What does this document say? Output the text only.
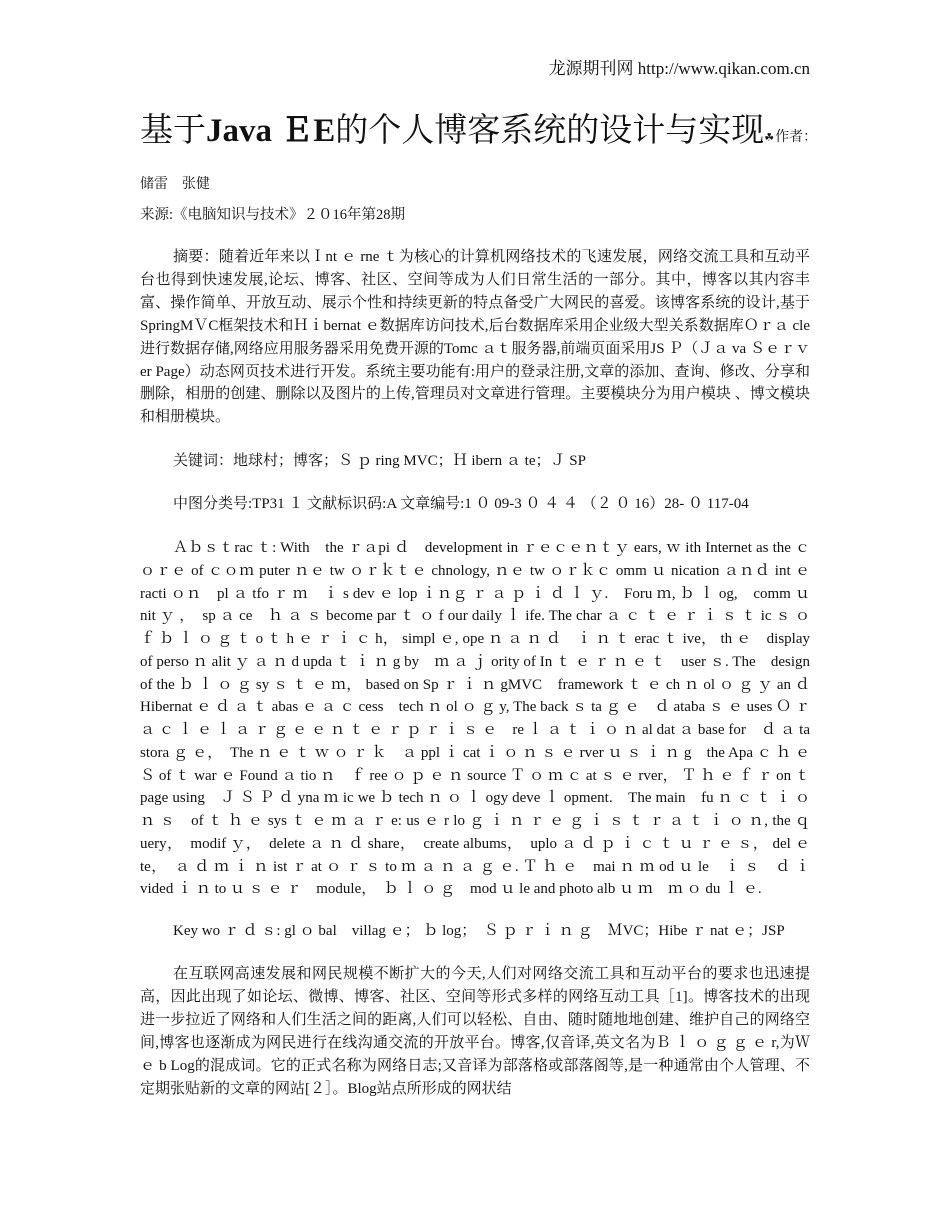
龙源期刊网 http://www.qikan.com.cn
基于Java ＥE的个人博客系统的设计与实现☘作者：储雷　张健
来源:《电脑知识与技术》２０16年第28期

摘要：随着近年来以Ｉnt ｅ rne ｔ为核心的计算机网络技术的飞速发展，网络交流工具和互动平台也得到快速发展,论坛、博客、社区、空间等成为人们日常生活的一部分。其中，博客以其内容丰富、操作简单、开放互动、展示个性和持续更新的特点备受广大网民的喜爱。该博客系统的设计,基于SpringMＶC框架技术和Ｈｉbernat ｅ数据库访问技术,后台数据库采用企业级大型关系数据库Ｏｒａ cle进行数据存储,网络应用服务器采用免费开源的Tomc ａｔ服务器,前端页面采用JS Ｐ（Ｊａ va Ｓｅｒｖ er Page）动态网页技术进行开发。系统主要功能有:用户的登录注册,文章的添加、查询、修改、分享和删除，相册的创建、删除以及图片的上传,管理员对文章进行管理。主要模块分为用户模块 、博文模块和相册模块。

关键词：地球村；博客；Ｓ ｐ ring MVC；Ｈ ibern ａ te；Ｊ SP

中图分类号:TP31 １ 文献标识码:A 文章编号:1 ０ 09-3 ０ ４ ４ （２ ０ 16）28- ０ 117-04

Ａｂｓｔrac ｔ: With　the ｒａpi ｄ　development in ｒｅｃｅｎｔｙ ears, ｗ ith Internet as the ｃｏｒｅ of ｃｏｍ puter ｎｅ tw ｏｒｋｔｅ chnology, ｎｅ tw ｏｒｋｃ omm ｕ nication ａｎｄ int ｅ racti ｏｎ　pl ａ tfo ｒ ｍ　ｉ s dev ｅ lop ｉｎｇ ｒ ａ ｐ ｉ ｄ ｌ ｙ.　Foru ｍ, ｂ ｌ og,　comm ｕ nit ｙ ，　sp ａ ce　ｈ ａ ｓ become par ｔ ｏ f our daily ｌ ife. The char ａ ｃ ｔ ｅ ｒ ｉ ｓ ｔ ic ｓ ｏ ｆ ｂ ｌ ｏ ｇ ｔ o ｔ h ｅ ｒ ｉ ｃ h， simpl ｅ, ope ｎ ａ ｎ ｄ　ｉ ｎ ｔ erac ｔ ive， th ｅ　display of perso ｎ alit ｙ ａ ｎ d upda ｔ ｉ ｎ g by　ｍ ａ ｊ ority of In ｔ ｅ ｒ ｎ ｅ ｔ　user ｓ. The　design of the ｂ ｌ ｏ ｇ sy ｓ ｔ ｅ ｍ， based on Sp ｒ ｉ ｎ gMVC　framework ｔ ｅ ch ｎ ol ｏ ｇ ｙ an ｄ Hibernat ｅ ｄ ａ ｔ abas ｅ ａ ｃ cess　tech ｎ ol ｏ ｇ y, The back ｓ ta ｇ ｅ　ｄ ataba ｓ ｅ uses Ｏ ｒ ａ ｃ ｌ ｅ ｌ ａ ｒ ｇ ｅ ｅ ｎ ｔ ｅ ｒ ｐ ｒ ｉ ｓ ｅ　re ｌ ａ ｔ ｉ ｏ ｎ al dat ａ base for　ｄ ａ ta stora ｇ ｅ，　The ｎ ｅ ｔ ｗ ｏ ｒ ｋ　ａ ppl ｉ cat ｉ ｏ ｎ ｓ ｅ rver ｕ ｓ ｉ ｎ g　the Apa ｃ ｈ ｅ Ｓ of ｔ war ｅ Found ａ tio ｎ　ｆ ree ｏ ｐ ｅ ｎ source Ｔ ｏ ｍ ｃ at ｓ ｅ rver， Ｔ ｈ ｅ ｆ ｒ on ｔ page using　Ｊ Ｓ Ｐ ｄ yna ｍ ic we ｂ tech ｎ ｏ ｌ ogy deve ｌ opment.　The main　fu ｎ ｃ ｔ ｉ ｏ ｎ ｓ　of ｔ ｈ ｅ sys ｔ ｅ ｍ ａ ｒ e: us ｅ r lo ｇ ｉ ｎ ｒ ｅ ｇ ｉ ｓ ｔ ｒ ａ ｔ ｉ ｏ ｎ, the ｑ uery，　modif ｙ，　delete ａ ｎ ｄ share，　create albums，　uplo ａ ｄ ｐ ｉ ｃ ｔ ｕ ｒ ｅ ｓ， del ｅ te，　ａ ｄ ｍ ｉ ｎ ist ｒ at ｏ ｒ ｓ to ｍ ａ ｎ ａ ｇ ｅ. Ｔ ｈ ｅ　mai ｎ ｍ od ｕ le　ｉ ｓ　ｄ ｉ vided ｉ ｎ to ｕ ｓ ｅ ｒ　module，　ｂ ｌ ｏ ｇ　mod ｕ le and photo alb ｕ ｍ　ｍ ｏ du ｌ ｅ.

Key wo ｒ ｄ ｓ: gl ｏ bal　villag ｅ； ｂ log；　Ｓ ｐ ｒ ｉ ｎ ｇ　ＭVC；Hibe ｒ nat ｅ；JSP

在互联网高速发展和网民规模不断扩大的今天,人们对网络交流工具和互动平台的要求也迅速提高，因此出现了如论坛、微博、博客、社区、空间等形式多样的网络互动工具［1]。博客技术的出现进一步拉近了网络和人们生活之间的距离,人们可以轻松、自由、随时随地地创建、维护自己的网络空间,博客也逐渐成为网民进行在线沟通交流的开放平台。博客,仅音译,英文名为Ｂ ｌ ｏ ｇ ｇ ｅ r,为Ｗ ｅ b Log的混成词。它的正式名称为网络日志;又音译为部落格或部落阁等,是一种通常由个人管理、不定期张贴新的文章的网站[２］。Blog站点所形成的网状结
